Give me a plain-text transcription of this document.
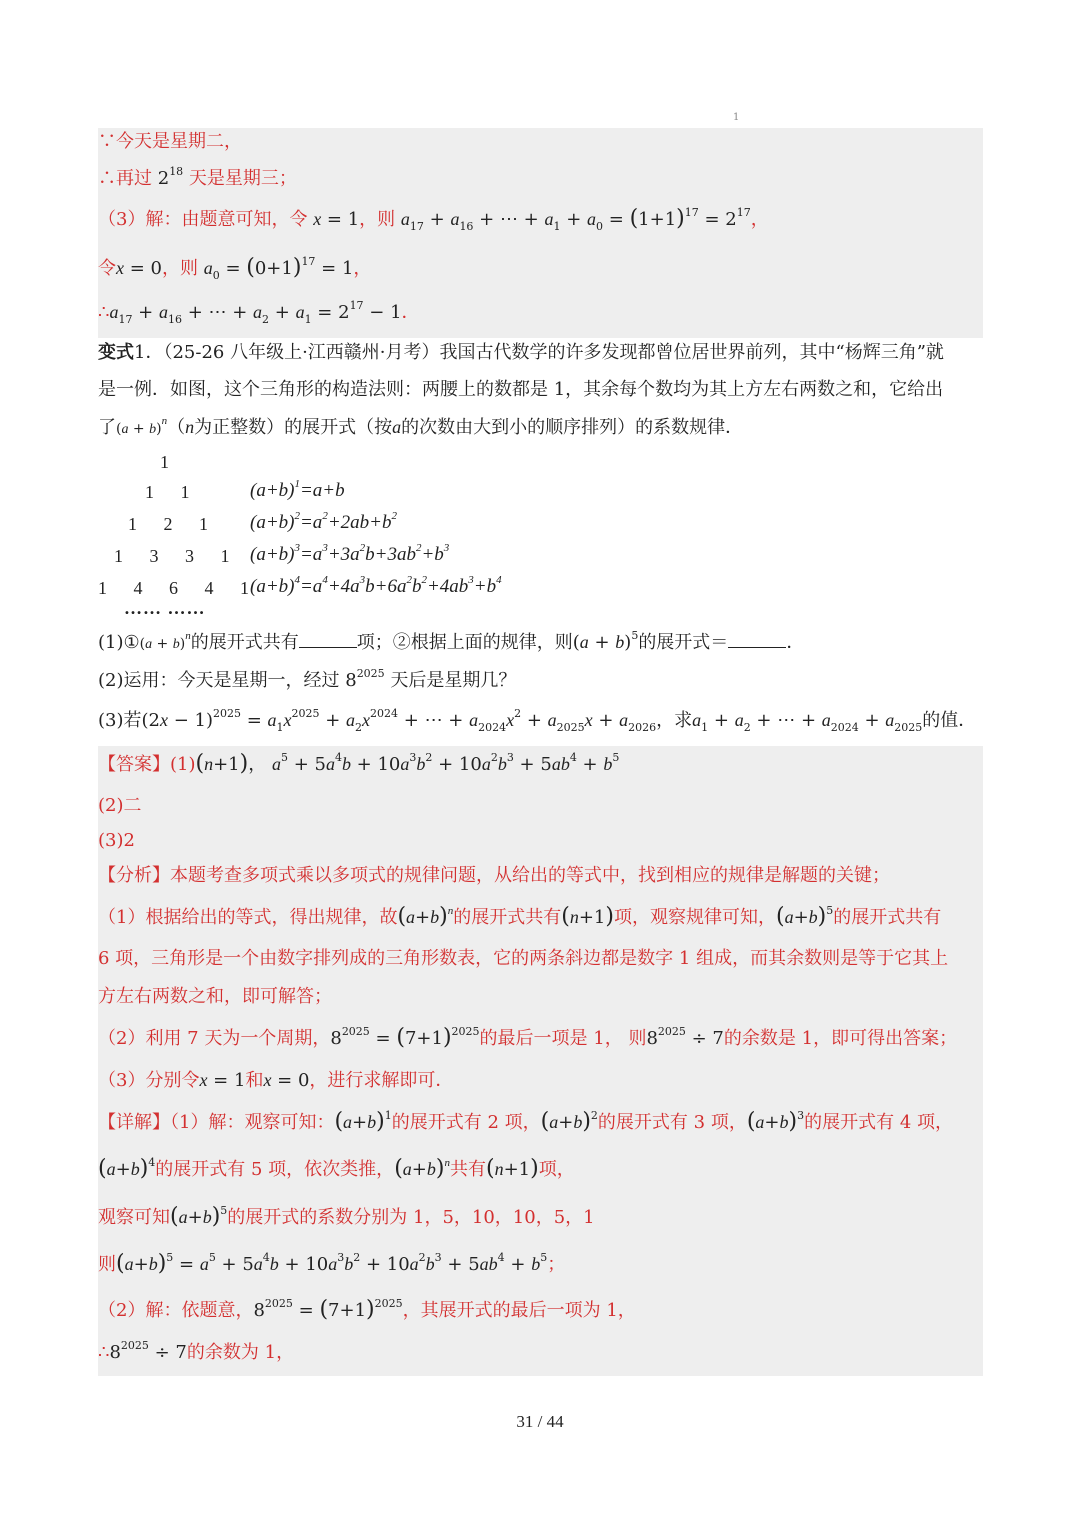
1
∵今天是星期二，
∴再过 $2^{18}$ 天是星期三；
（3）解：由题意可知，令 x = 1，则 $a_{17} + a_{16}$ + ⋯ + $a_1 + a_0 = (1+1)^{17} = 2^{17}$，
令x = 0，则 $a_0 = (0+1)^{17} = 1$，
$\therefore a_{17} + a_{16}$ + ⋯ + $a_2 + a_1 = 2^{17} - 1$．
变式1．（25-26 八年级上·江西赣州·月考）我国古代数学的许多发现都曾位居世界前列，其中“杨辉三角”就
是一例．如图，这个三角形的构造法则：两腰上的数都是 1，其余每个数均为其上方左右两数之和，它给出
了$(a + b)^n(n$为正整数）的展开式（按a的次数由大到小的顺序排列）的系数规律．
1
1 1
1 2 1
1 3 3 1
1 4 6 4 1
…… ……
$(a+b)^1=a+b$
$(a+b)^2=a^2+2ab+b^2$
$(a+b)^3=a^3+3a^2b+3ab^2+b^3$
$(a+b)^4=a^4+4a^3b+6a^2b^2+4ab^3+b^4$
(1)①(a + b)$^n$的展开式共有	项；②根据上面的规律，则$(a + b)^5$的展开式＝	．
(2)运用：今天是星期一，经过 $8^{2025}$ 天后是星期几？
(3)若$(2x - 1)^{2025} = a_1x^{2025} + a_2x^{2024}$ + ⋯ + $a_{2024}x^2 + a_{2025}x + a_{2026}$，求$a_1 + a_2$ + ⋯ + $a_{2024} + a_{2025}$的值．
【答案】(1)(n+1)， $a^5 + 5a^4b + 10a^3b^2 + 10a^2b^3 + 5ab^4 + b^5$
(2)二
(3)2
【分析】本题考查多项式乘以多项式的规律问题，从给出的等式中，找到相应的规律是解题的关键；
（1）根据给出的等式，得出规律，故$(a+b)^n$的展开式共有(n+1)项，观察规律可知，$(a+b)^5$的展开式共有
6 项，三角形是一个由数字排列成的三角形数表，它的两条斜边都是数字 1 组成，而其余数则是等于它其上
方左右两数之和，即可解答；
（2）利用 7 天为一个周期，$8^{2025} = (7+1)^{2025}$的最后一项是 1， 则$8^{2025} \div 7$的余数是 1，即可得出答案；
（3）分别令x = 1和x = 0，进行求解即可．
【详解】（1）解：观察可知：$(a+b)^1$的展开式有 2 项，$(a+b)^2$的展开式有 3 项，$(a+b)^3$的展开式有 4 项，
$(a+b)^4$的展开式有 5 项，依次类推，$(a+b)^n$共有(n+1)项，
观察可知$(a+b)^5$的展开式的系数分别为 1，5，10，10，5，1
则$(a+b)^5 = a^5 + 5a^4b + 10a^3b^2 + 10a^2b^3 + 5ab^4 + b^5$；
（2）解：依题意，$8^{2025} = (7+1)^{2025}$，其展开式的最后一项为 1，
$\therefore 8^{2025} \div 7$的余数为 1，
31 / 44
